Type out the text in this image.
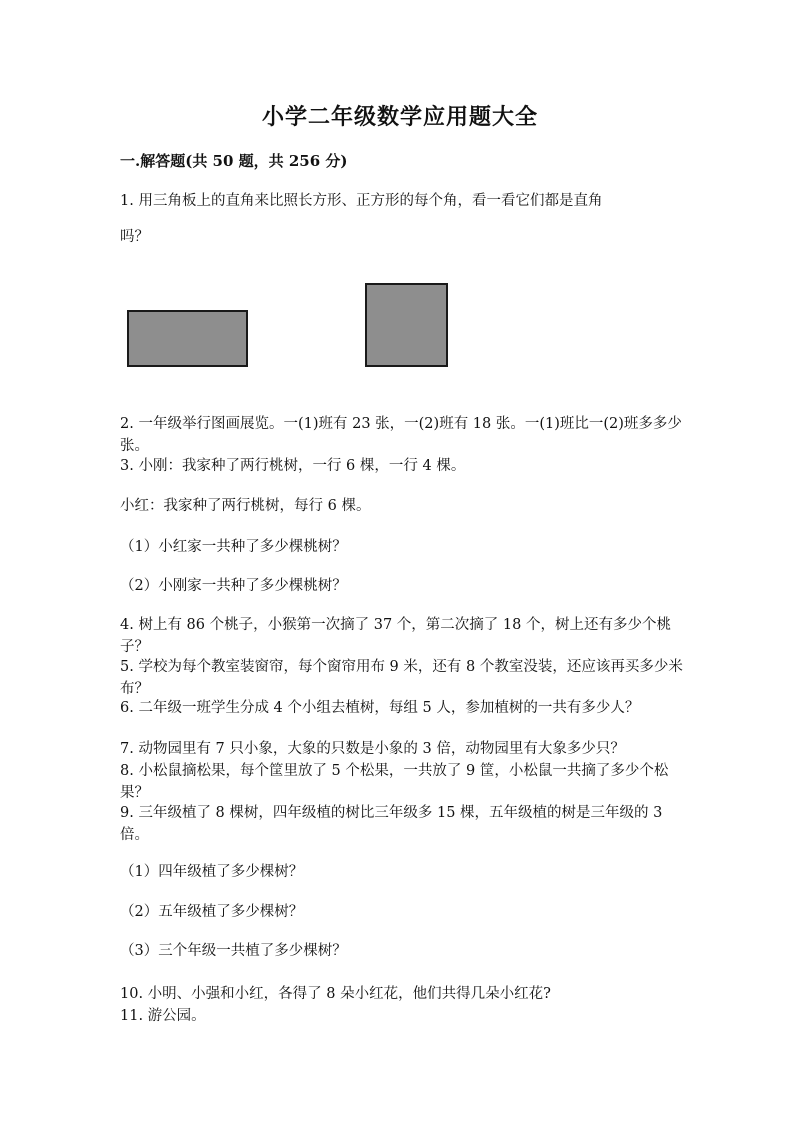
小学二年级数学应用题大全
一.解答题(共 50 题，共 256 分)
1. 用三角板上的直角来比照长方形、正方形的每个角，看一看它们都是直角
吗？
2. 一年级举行图画展览。一(1)班有 23 张，一(2)班有 18 张。一(1)班比一(2)班多多少张。
3. 小刚：我家种了两行桃树，一行 6 棵，一行 4 棵。
小红：我家种了两行桃树，每行 6 棵。
（1）小红家一共种了多少棵桃树？
（2）小刚家一共种了多少棵桃树？
4. 树上有 86 个桃子，小猴第一次摘了 37 个，第二次摘了 18 个，树上还有多少个桃子？
5. 学校为每个教室装窗帘，每个窗帘用布 9 米，还有 8 个教室没装，还应该再买多少米布？
6. 二年级一班学生分成 4 个小组去植树，每组 5 人，参加植树的一共有多少人？
7. 动物园里有 7 只小象，大象的只数是小象的 3 倍，动物园里有大象多少只？
8. 小松鼠摘松果，每个筐里放了 5 个松果，一共放了 9 筐，小松鼠一共摘了多少个松果？
9. 三年级植了 8 棵树，四年级植的树比三年级多 15 棵，五年级植的树是三年级的 3 倍。
（1）四年级植了多少棵树？
（2）五年级植了多少棵树？
（3）三个年级一共植了多少棵树？
10. 小明、小强和小红，各得了 8 朵小红花，他们共得几朵小红花?
11. 游公园。
